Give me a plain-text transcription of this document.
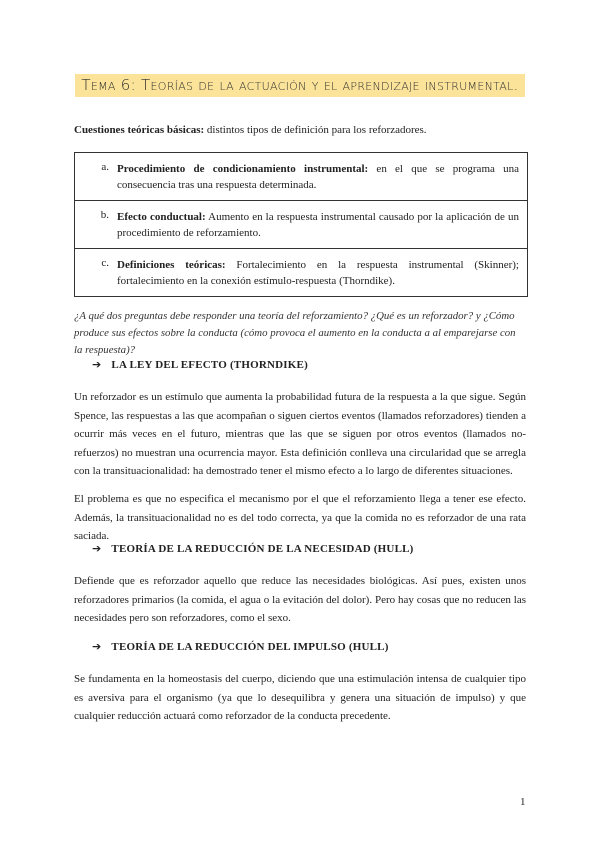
Tema 6: Teorías de la actuación y el aprendizaje instrumental.
Cuestiones teóricas básicas: distintos tipos de definición para los reforzadores.
a. Procedimiento de condicionamiento instrumental: en el que se programa una consecuencia tras una respuesta determinada.
b. Efecto conductual: Aumento en la respuesta instrumental causado por la aplicación de un procedimiento de reforzamiento.
c. Definiciones teóricas: Fortalecimiento en la respuesta instrumental (Skinner); fortalecimiento en la conexión estímulo-respuesta (Thorndike).
¿A qué dos preguntas debe responder una teoría del reforzamiento? ¿Qué es un reforzador? y ¿Cómo produce sus efectos sobre la conducta (cómo provoca el aumento en la conducta a al emparejarse con la respuesta)?
➔ LA LEY DEL EFECTO (THORNDIKE)
Un reforzador es un estímulo que aumenta la probabilidad futura de la respuesta a la que sigue. Según Spence, las respuestas a las que acompañan o siguen ciertos eventos (llamados reforzadores) tienden a ocurrir más veces en el futuro, mientras que las que se siguen por otros eventos (llamados no-refuerzos) no muestran una ocurrencia mayor. Esta definición conlleva una circularidad que se arregla con la transituacionalidad: ha demostrado tener el mismo efecto a lo largo de diferentes situaciones.
El problema es que no especifica el mecanismo por el que el reforzamiento llega a tener ese efecto. Además, la transituacionalidad no es del todo correcta, ya que la comida no es reforzador de una rata saciada.
➔ TEORÍA DE LA REDUCCIÓN DE LA NECESIDAD (HULL)
Defiende que es reforzador aquello que reduce las necesidades biológicas. Así pues, existen unos reforzadores primarios (la comida, el agua o la evitación del dolor). Pero hay cosas que no reducen las necesidades pero son reforzadores, como el sexo.
➔ TEORÍA DE LA REDUCCIÓN DEL IMPULSO (HULL)
Se fundamenta en la homeostasis del cuerpo, diciendo que una estimulación intensa de cualquier tipo es aversiva para el organismo (ya que lo desequilibra y genera una situación de impulso) y que cualquier reducción actuará como reforzador de la conducta precedente.
1
